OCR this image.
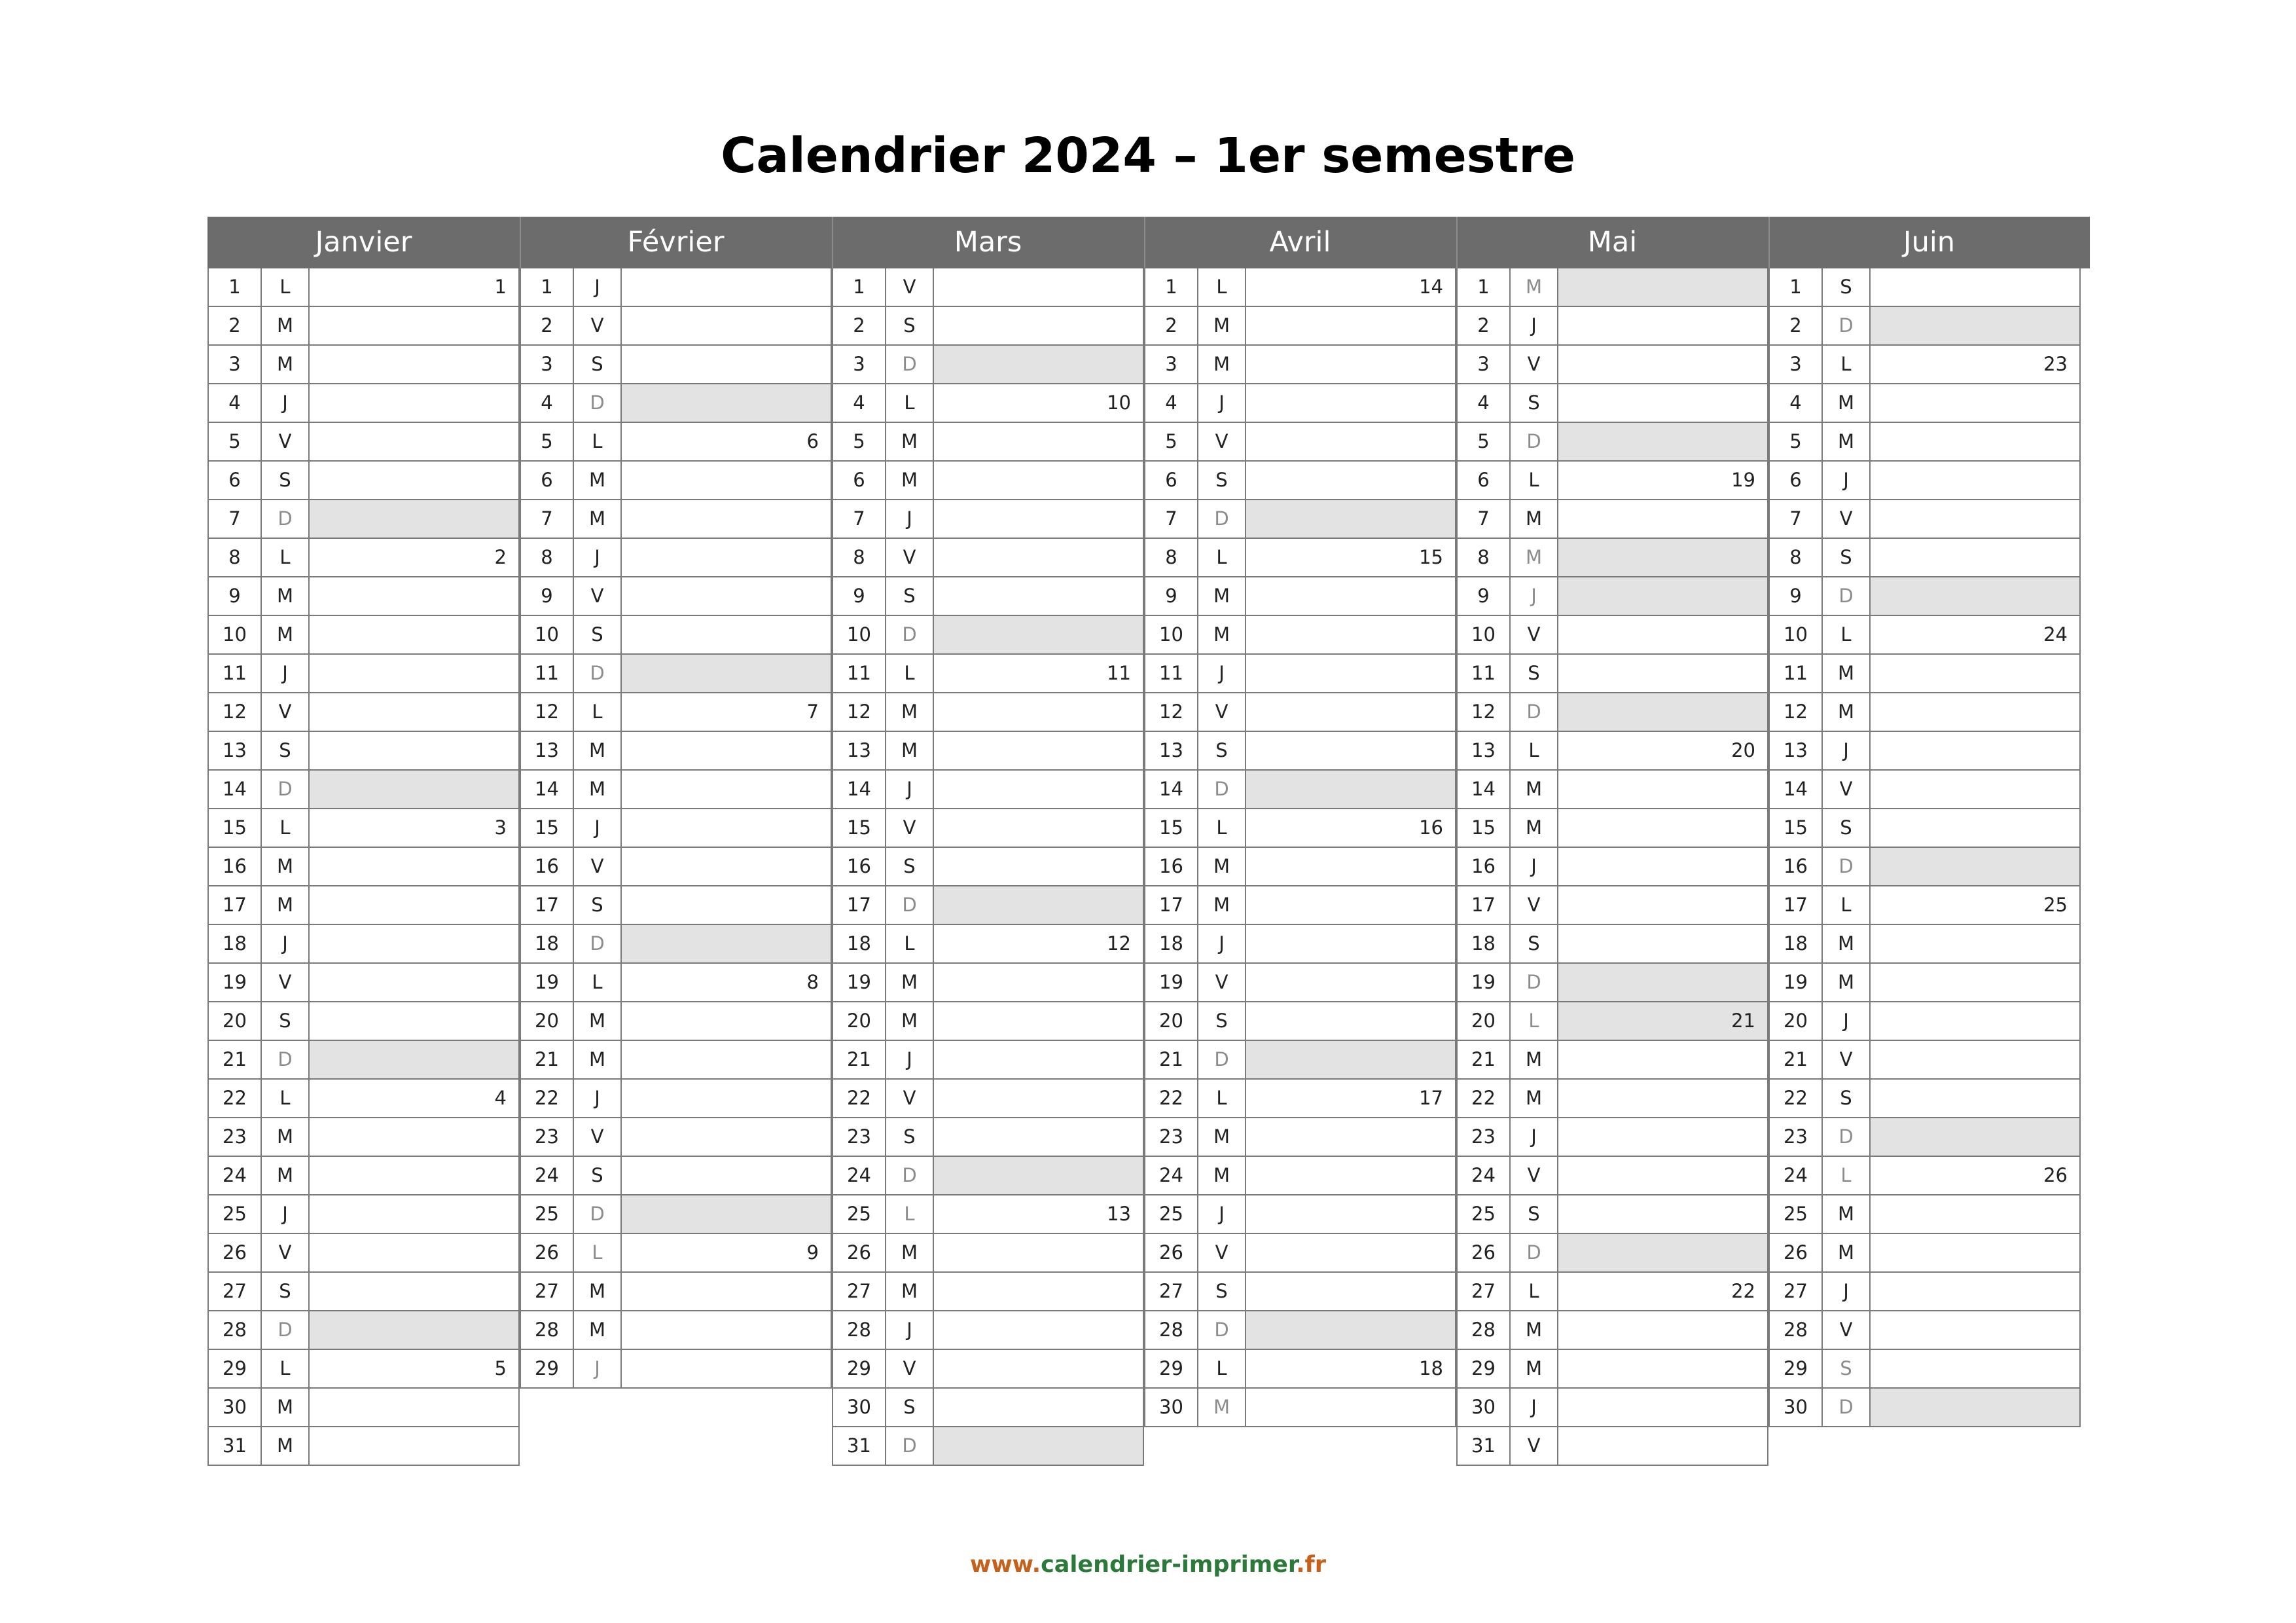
Calendrier 2024 – 1er semestre
Janvier	Février	Mars	Avril	Mai	Juin
1	L	1
2	M
3	M
4	J
5	V
6	S
7	D
8	L	2
9	M
10	M
11	J
12	V
13	S
14	D
15	L	3
16	M
17	M
18	J
19	V
20	S
21	D
22	L	4
23	M
24	M
25	J
26	V
27	S
28	D
29	L	5
30	M
31	M
1	J
2	V
3	S
4	D
5	L	6
6	M
7	M
8	J
9	V
10	S
11	D
12	L	7
13	M
14	M
15	J
16	V
17	S
18	D
19	L	8
20	M
21	M
22	J
23	V
24	S
25	D
26	L	9
27	M
28	M
29	J
1	V
2	S
3	D
4	L	10
5	M
6	M
7	J
8	V
9	S
10	D
11	L	11
12	M
13	M
14	J
15	V
16	S
17	D
18	L	12
19	M
20	M
21	J
22	V
23	S
24	D
25	L	13
26	M
27	M
28	J
29	V
30	S
31	D
1	L	14
2	M
3	M
4	J
5	V
6	S
7	D
8	L	15
9	M
10	M
11	J
12	V
13	S
14	D
15	L	16
16	M
17	M
18	J
19	V
20	S
21	D
22	L	17
23	M
24	M
25	J
26	V
27	S
28	D
29	L	18
30	M
1	M
2	J
3	V
4	S
5	D
6	L	19
7	M
8	M
9	J
10	V
11	S
12	D
13	L	20
14	M
15	M
16	J
17	V
18	S
19	D
20	L	21
21	M
22	M
23	J
24	V
25	S
26	D
27	L	22
28	M
29	M
30	J
31	V
1	S
2	D
3	L	23
4	M
5	M
6	J
7	V
8	S
9	D
10	L	24
11	M
12	M
13	J
14	V
15	S
16	D
17	L	25
18	M
19	M
20	J
21	V
22	S
23	D
24	L	26
25	M
26	M
27	J
28	V
29	S
30	D
www.calendrier-imprimer.fr
